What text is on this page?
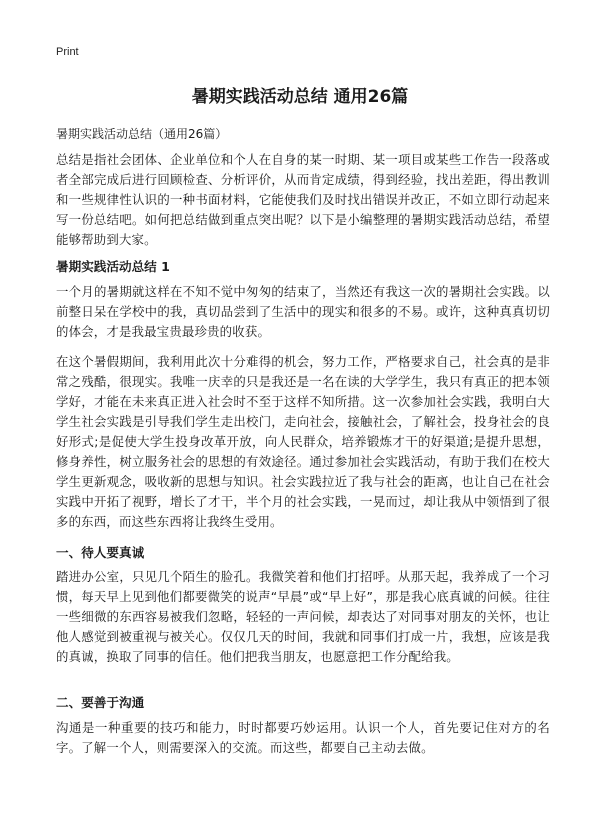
Print
暑期实践活动总结 通用26篇
暑期实践活动总结（通用26篇）

总结是指社会团体、企业单位和个人在自身的某一时期、某一项目或某些工作告一段落或者全部完成后进行回顾检查、分析评价，从而肯定成绩，得到经验，找出差距，得出教训和一些规律性认识的一种书面材料，它能使我们及时找出错误并改正，不如立即行动起来写一份总结吧。如何把总结做到重点突出呢？以下是小编整理的暑期实践活动总结，希望能够帮助到大家。

暑期实践活动总结 1

一个月的暑期就这样在不知不觉中匆匆的结束了，当然还有我这一次的暑期社会实践。以前整日呆在学校中的我，真切品尝到了生活中的现实和很多的不易。或许，这种真真切切的体会，才是我最宝贵最珍贵的收获。

在这个暑假期间，我利用此次十分难得的机会，努力工作，严格要求自己，社会真的是非常之残酷，很现实。我唯一庆幸的只是我还是一名在读的大学学生，我只有真正的把本领学好，才能在未来真正进入社会时不至于这样不知所措。这一次参加社会实践，我明白大学生社会实践是引导我们学生走出校门，走向社会，接触社会，了解社会，投身社会的良好形式;是促使大学生投身改革开放，向人民群众，培养锻炼才干的好渠道;是提升思想，修身养性，树立服务社会的思想的有效途径。通过参加社会实践活动，有助于我们在校大学生更新观念，吸收新的思想与知识。社会实践拉近了我与社会的距离，也让自己在社会实践中开拓了视野，增长了才干，半个月的社会实践，一晃而过，却让我从中领悟到了很多的东西，而这些东西将让我终生受用。

一、待人要真诚

踏进办公室，只见几个陌生的脸孔。我微笑着和他们打招呼。从那天起，我养成了一个习惯，每天早上见到他们都要微笑的说声“早晨”或“早上好”，那是我心底真诚的问候。往往一些细微的东西容易被我们忽略，轻轻的一声问候，却表达了对同事对朋友的关怀，也让他人感觉到被重视与被关心。仅仅几天的时间，我就和同事们打成一片，我想，应该是我的真诚，换取了同事的信任。他们把我当朋友，也愿意把工作分配给我。

二、要善于沟通

沟通是一种重要的技巧和能力，时时都要巧妙运用。认识一个人，首先要记住对方的名字。了解一个人，则需要深入的交流。而这些，都要自己主动去做。
